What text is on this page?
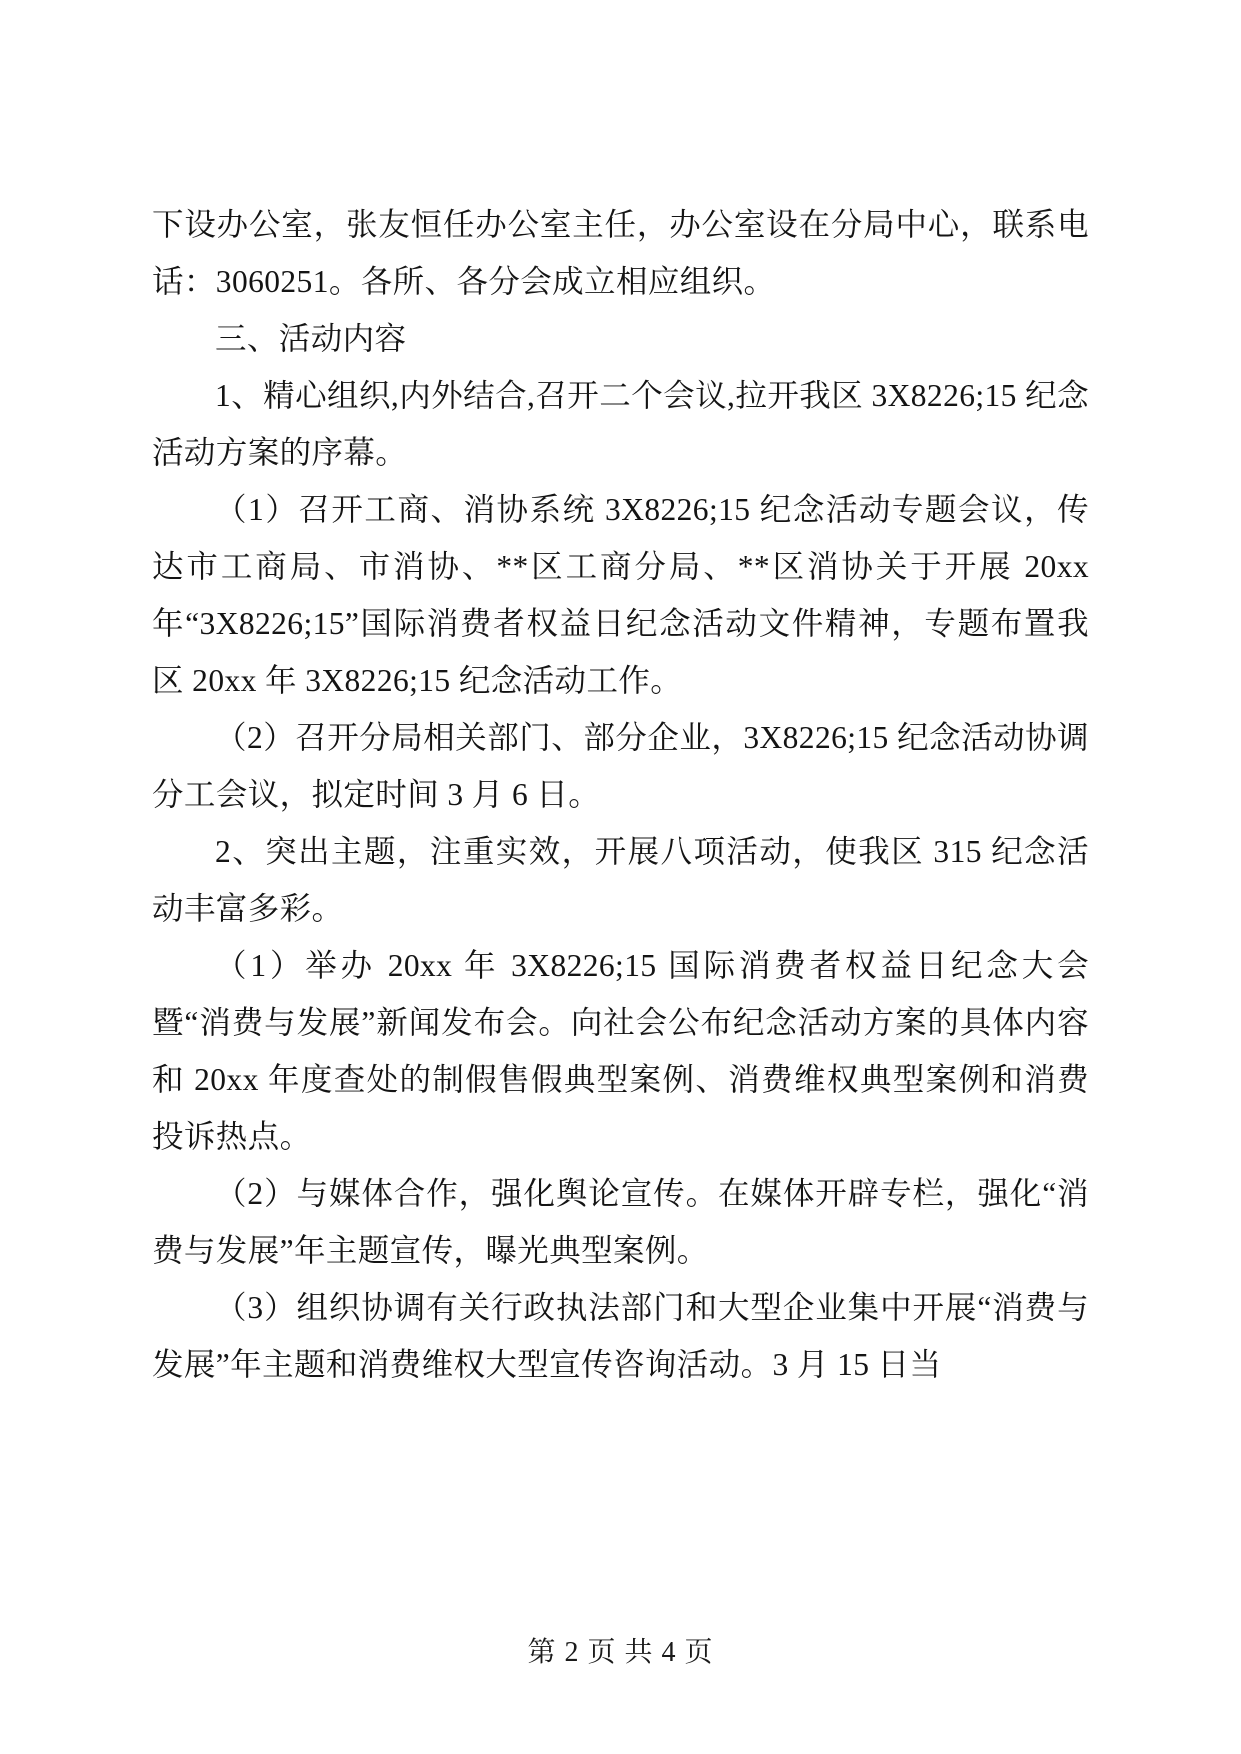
下设办公室，张友恒任办公室主任，办公室设在分局中心，联系电话：3060251。各所、各分会成立相应组织。

三、活动内容

1、精心组织,内外结合,召开二个会议,拉开我区 3X8226;15 纪念活动方案的序幕。

（1）召开工商、消协系统 3X8226;15 纪念活动专题会议，传达市工商局、市消协、**区工商分局、**区消协关于开展 20xx 年“3X8226;15”国际消费者权益日纪念活动文件精神，专题布置我区 20xx 年 3X8226;15 纪念活动工作。

（2）召开分局相关部门、部分企业，3X8226;15 纪念活动协调分工会议，拟定时间 3 月 6 日。

2、突出主题，注重实效，开展八项活动，使我区 315 纪念活动丰富多彩。

（1）举办 20xx 年 3X8226;15 国际消费者权益日纪念大会暨“消费与发展”新闻发布会。向社会公布纪念活动方案的具体内容和 20xx 年度查处的制假售假典型案例、消费维权典型案例和消费投诉热点。

（2）与媒体合作，强化舆论宣传。在媒体开辟专栏，强化“消费与发展”年主题宣传，曝光典型案例。

（3）组织协调有关行政执法部门和大型企业集中开展“消费与发展”年主题和消费维权大型宣传咨询活动。3 月 15 日当

第 2 页 共 4 页
